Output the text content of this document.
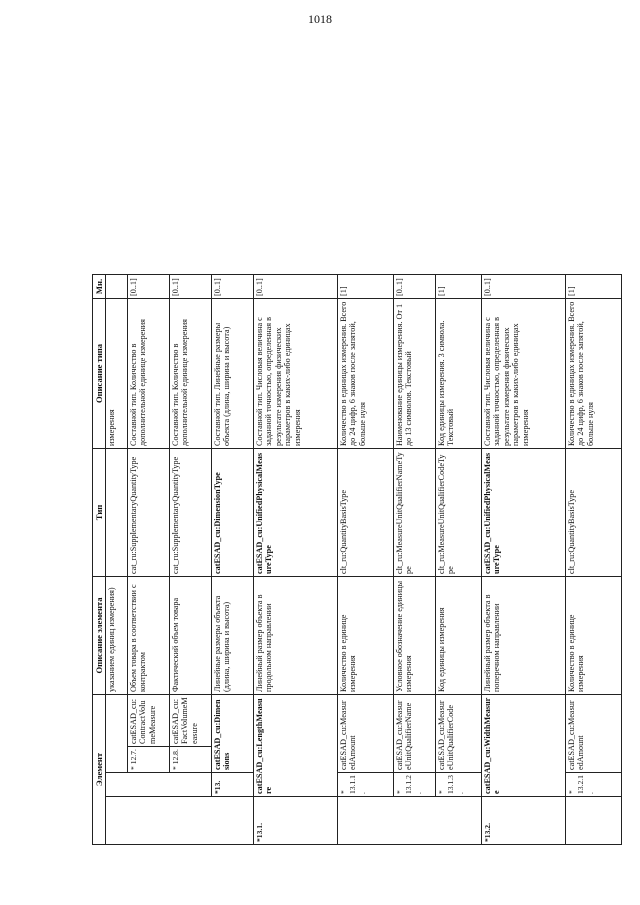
1018
Элемент				Описание элемента	Тип	Описание типа	Мн.	
				указанием единиц измерения)		измерения		
		* 12.7.	catESAD_cu:ContractVolumeMeasure	Объем товара в соответствии с контрактом	cat_ru:SupplementaryQuantityType	Составной тип. Количество в дополнительной единице измерения	[0..1]	
		* 12.8.	catESAD_cu:FactVolumeMeasure	Фактический объем товара	cat_ru:SupplementaryQuantityType	Составной тип. Количество в дополнительной единице измерения	[0..1]	
	*13.	catESAD_cu:Dimensions		Линейные размеры объекта (длина, ширина и высота)	catESAD_cu:DimensionType	Составной тип. Линейные размеры объекта (длина, ширина и высота)	[0..1]	
*13.1.	catESAD_cu:LengthMeasure			Линейный размер объекта в продольном направлении	catESAD_cu:UnifiedPhysicalMeasureType	Составной тип. Числовая величина с заданной точностью, определенная в результате измерения физических параметров в каких-либо единицах измерения	[0..1]	
	* 13.1.1.	catESAD_cu:MeasuredAmount		Количество в единице измерения	clt_ru:QuantityBasisType	Количество в единицах измерения. Всего до 24 цифр, 6 знаков после запятой, больше нуля	[1]	
	* 13.1.2.	catESAD_cu:MeasureUnitQualifierName		Условное обозначение единицы измерения	clt_ru:MeasureUnitQualifierNameType	Наименование единицы измерения. От 1 до 13 символов. Текстовый	[0..1]	
	* 13.1.3.	catESAD_cu:MeasureUnitQualifierCode		Код единицы измерения	clt_ru:MeasureUnitQualifierCodeType	Код единицы измерения. 3 символа. Текстовый	[1]	
*13.2.	catESAD_cu:WidthMeasure			Линейный размер объекта в поперечном направлении	catESAD_cu:UnifiedPhysicalMeasureType	Составной тип. Числовая величина с заданной точностью, определенная в результате измерения физических параметров в каких-либо единицах измерения	[0..1]	
	* 13.2.1.	catESAD_cu:MeasuredAmount		Количество в единице измерения	clt_ru:QuantityBasisType	Количество в единицах измерения. Всего до 24 цифр, 6 знаков после запятой, больше нуля	[1]	
